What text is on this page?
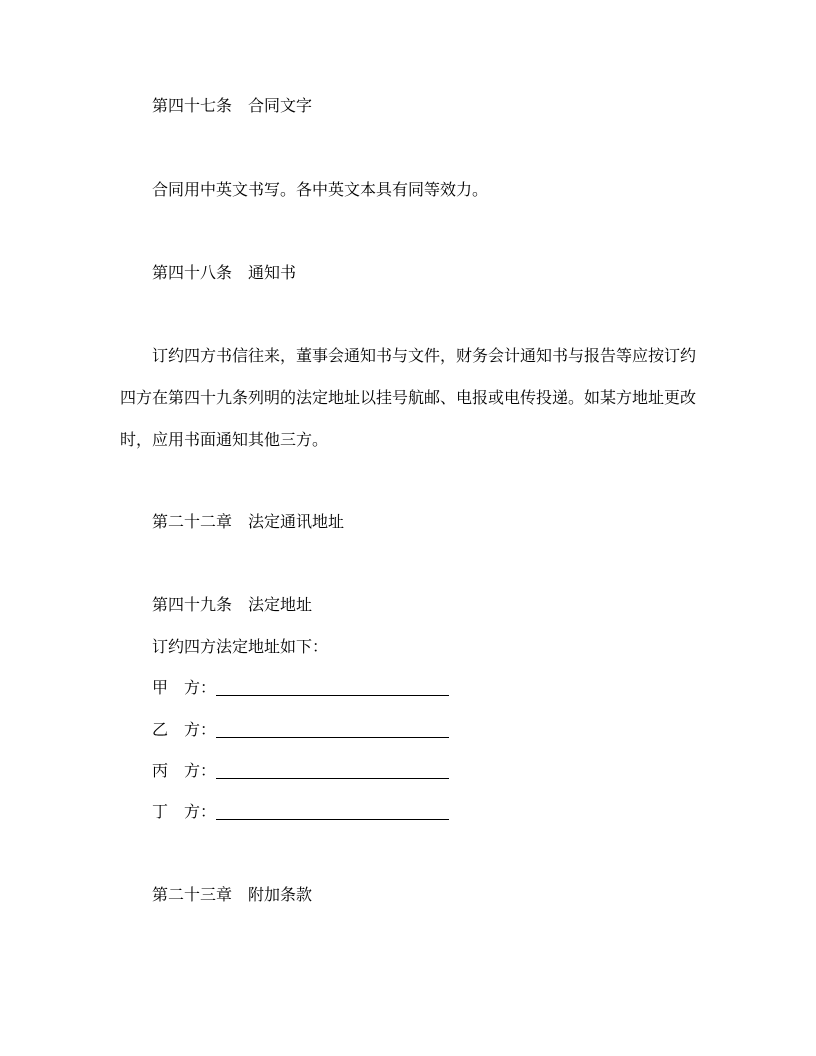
第四十七条　合同文字
合同用中英文书写。各中英文本具有同等效力。
第四十八条　通知书
订约四方书信往来，董事会通知书与文件，财务会计通知书与报告等应按订约
四方在第四十九条列明的法定地址以挂号航邮、电报或电传投递。如某方地址更改
时，应用书面通知其他三方。
第二十二章　法定通讯地址
第四十九条　法定地址
订约四方法定地址如下：
甲　方：
乙　方：
丙　方：
丁　方：
第二十三章　附加条款
